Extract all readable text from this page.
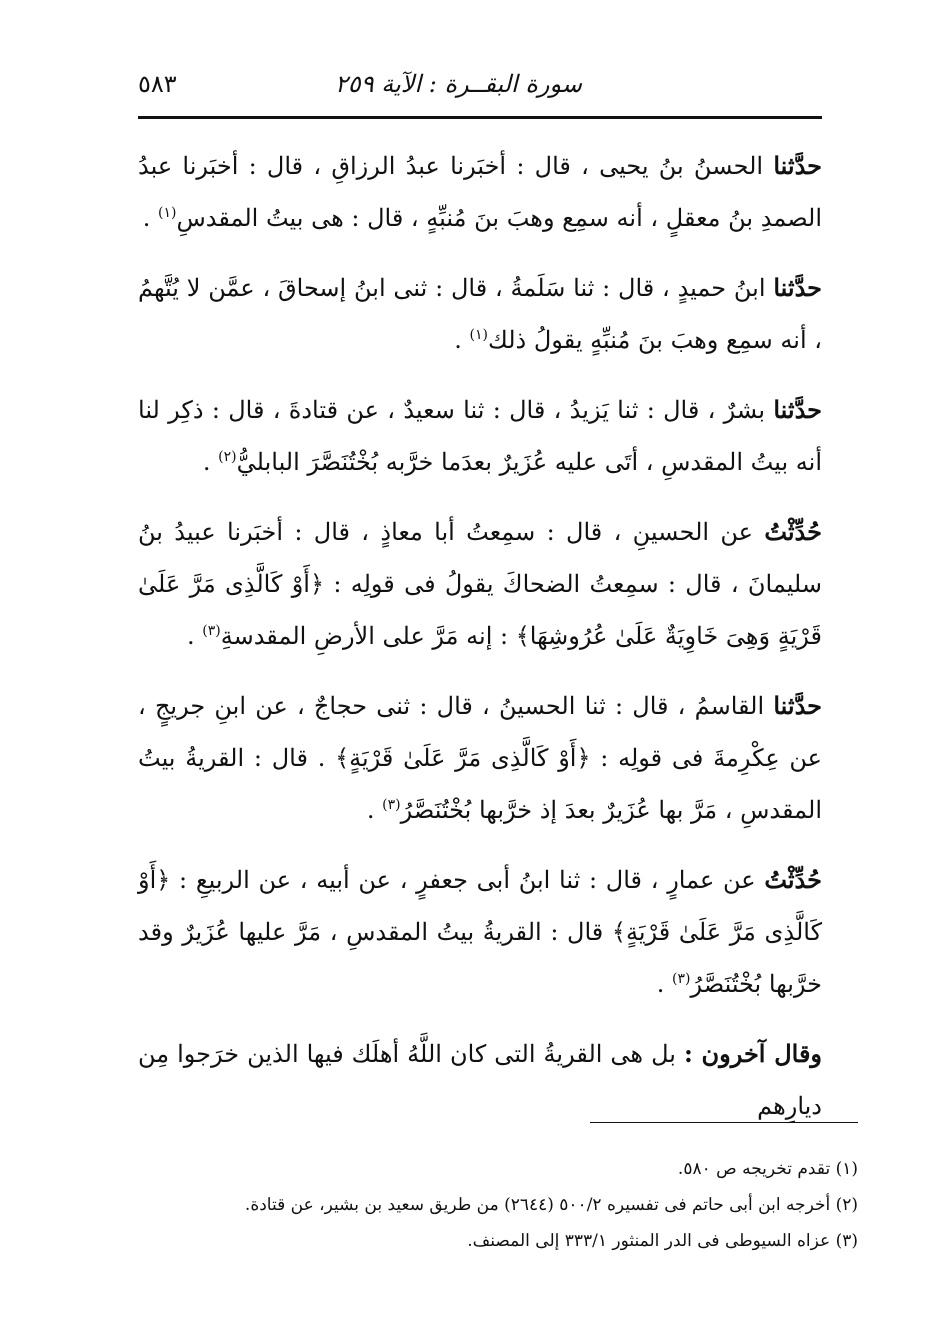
سورة البقــرة : الآية ٢٥٩
٥٨٣

حدَّثنا الحسنُ بنُ يحيى ، قال : أخبَرنا عبدُ الرزاقِ ، قال : أخبَرنا عبدُ الصمدِ بنُ معقلٍ ، أنه سمِع وهبَ بنَ مُنبِّهٍ ، قال : هى بيتُ المقدسِ$^{(١)}$ .

حدَّثنا ابنُ حميدٍ ، قال : ثنا سَلَمةُ ، قال : ثنى ابنُ إسحاقَ ، عمَّن لا يُتَّهمُ ، أنه سمِع وهبَ بنَ مُنبِّهٍ يقولُ ذلك$^{(١)}$ .

حدَّثنا بشرٌ ، قال : ثنا يَزيدُ ، قال : ثنا سعيدٌ ، عن قتادةَ ، قال : ذكِر لنا أنه بيتُ المقدسِ ، أتَى عليه عُزَيرٌ بعدَما خرَّبه بُخْتُنَصَّرَ البابليُّ$^{(٢)}$ .

حُدِّثْتُ عن الحسينِ ، قال : سمِعتُ أبا معاذٍ ، قال : أخبَرنا عبيدُ بنُ سليمانَ ، قال : سمِعتُ الضحاكَ يقولُ فى قولِه : ﴿أَوْ كَالَّذِى مَرَّ عَلَىٰ قَرْيَةٍ وَهِىَ خَاوِيَةٌ عَلَىٰ عُرُوشِهَا﴾ : إنه مَرَّ على الأرضِ المقدسةِ$^{(٣)}$ .

حدَّثنا القاسمُ ، قال : ثنا الحسينُ ، قال : ثنى حجاجٌ ، عن ابنِ جريجٍ ، عن عِكْرِمةَ فى قولِه : ﴿أَوْ كَالَّذِى مَرَّ عَلَىٰ قَرْيَةٍ﴾ . قال : القريةُ بيتُ المقدسِ ، مَرَّ بها عُزَيرٌ بعدَ إذ خرَّبها بُخْتُنَصَّرُ$^{(٣)}$ .

حُدِّثْتُ عن عمارٍ ، قال : ثنا ابنُ أبى جعفرٍ ، عن أبيه ، عن الربيعِ : ﴿أَوْ كَالَّذِى مَرَّ عَلَىٰ قَرْيَةٍ﴾ قال : القريةُ بيتُ المقدسِ ، مَرَّ عليها عُزَيرٌ وقد خرَّبها بُخْتُنَصَّرُ$^{(٣)}$ .

وقال آخرون : بل هى القريةُ التى كان اللَّهُ أهلَك فيها الذين خرَجوا مِن ديارِهم

(١) تقدم تخريجه ص ٥٨٠.

(٢) أخرجه ابن أبى حاتم فى تفسيره ٥٠٠/٢ (٢٦٤٤) من طريق سعيد بن بشير، عن قتادة.

(٣) عزاه السيوطى فى الدر المنثور ٣٣٣/١ إلى المصنف.
